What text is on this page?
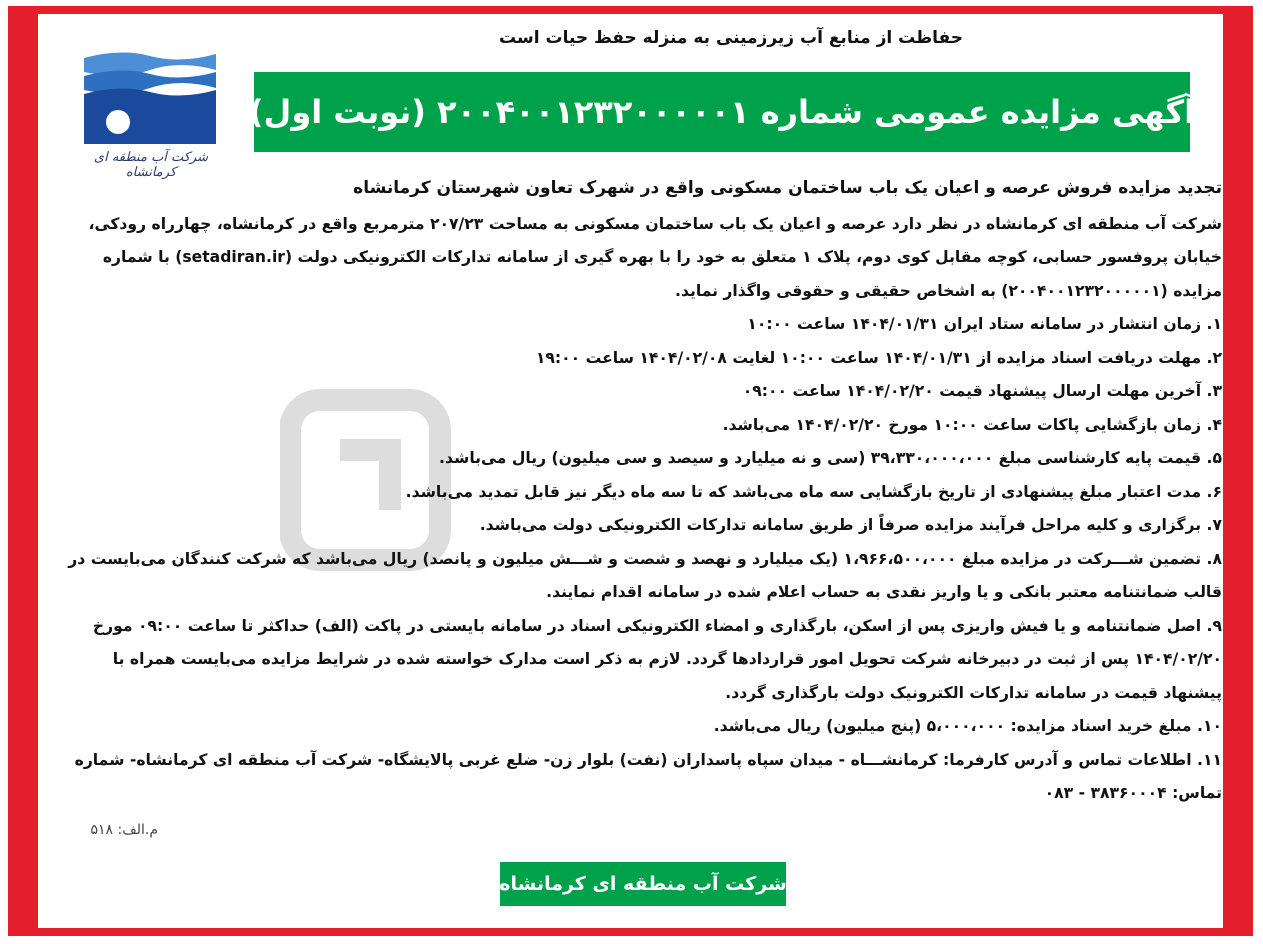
حفاظت از منابع آب زیرزمینی به منزله حفظ حیات است
شرکت آب منطقه ای کرمانشاه
آگهی مزایده عمومی شماره ۲۰۰۴۰۰۱۲۳۲۰۰۰۰۰۱ (نوبت اول)

تجدید مزایده فروش عرصه و اعیان یک باب ساختمان مسکونی واقع در شهرک تعاون شهرستان کرمانشاه

شرکت آب منطقه ای کرمانشاه در نظر دارد عرصه و اعیان یک باب ساختمان مسکونی به مساحت ۲۰۷/۲۳ مترمربع واقع در کرمانشاه، چهارراه رودکی، خیابان پروفسور حسابی، کوچه مقابل کوی دوم، پلاک ۱ متعلق به خود را با بهره گیری از سامانه تدارکات الکترونیکی دولت (setadiran.ir) با شماره مزایده (۲۰۰۴۰۰۱۲۳۲۰۰۰۰۰۱) به اشخاص حقیقی و حقوقی واگذار نماید.

۱. زمان انتشار در سامانه ستاد ایران ۱۴۰۴/۰۱/۳۱ ساعت ۱۰:۰۰

۲. مهلت دریافت اسناد مزایده از ۱۴۰۴/۰۱/۳۱ ساعت ۱۰:۰۰ لغایت ۱۴۰۴/۰۲/۰۸ ساعت ۱۹:۰۰

۳. آخرین مهلت ارسال پیشنهاد قیمت ۱۴۰۴/۰۲/۲۰ ساعت ۰۹:۰۰

۴. زمان بازگشایی پاکات ساعت ۱۰:۰۰ مورخ ۱۴۰۴/۰۲/۲۰ می‌باشد.

۵. قیمت پایه کارشناسی مبلغ ۳۹،۳۳۰،۰۰۰،۰۰۰ (سی و نه میلیارد و سیصد و سی میلیون) ریال می‌باشد.

۶. مدت اعتبار مبلغ پیشنهادی از تاریخ بازگشایی سه ماه می‌باشد که تا سه ماه دیگر نیز قابل تمدید می‌باشد.

۷. برگزاری و کلیه مراحل فرآیند مزایده صرفاً از طریق سامانه تدارکات الکترونیکی دولت می‌باشد.

۸. تضمین شـــرکت در مزایده مبلغ ۱،۹۶۶،۵۰۰،۰۰۰ (یک میلیارد و نهصد و شصت و شـــش میلیون و پانصد) ریال می‌باشد که شرکت کنندگان می‌بایست در قالب ضمانتنامه معتبر بانکی و یا واریز نقدی به حساب اعلام شده در سامانه اقدام نمایند.

۹. اصل ضمانتنامه و یا فیش واریزی پس از اسکن، بارگذاری و امضاء الکترونیکی اسناد در سامانه بایستی در پاکت (الف) حداکثر تا ساعت ۰۹:۰۰ مورخ ۱۴۰۴/۰۲/۲۰ پس از ثبت در دبیرخانه شرکت تحویل امور قراردادها گردد. لازم به ذکر است مدارک خواسته شده در شرایط مزایده می‌بایست همراه با پیشنهاد قیمت در سامانه تدارکات الکترونیک دولت بارگذاری گردد.

۱۰. مبلغ خرید اسناد مزایده: ۵،۰۰۰،۰۰۰ (پنج میلیون) ریال می‌باشد.

۱۱. اطلاعات تماس و آدرس کارفرما: کرمانشـــاه - میدان سپاه پاسداران (نفت) بلوار زن- ضلع غربی پالایشگاه- شرکت آب منطقه ای کرمانشاه- شماره تماس: ۳۸۳۶۰۰۰۴ - ۰۸۳

م.الف: ۵۱۸
شرکت آب منطقه ای کرمانشاه
